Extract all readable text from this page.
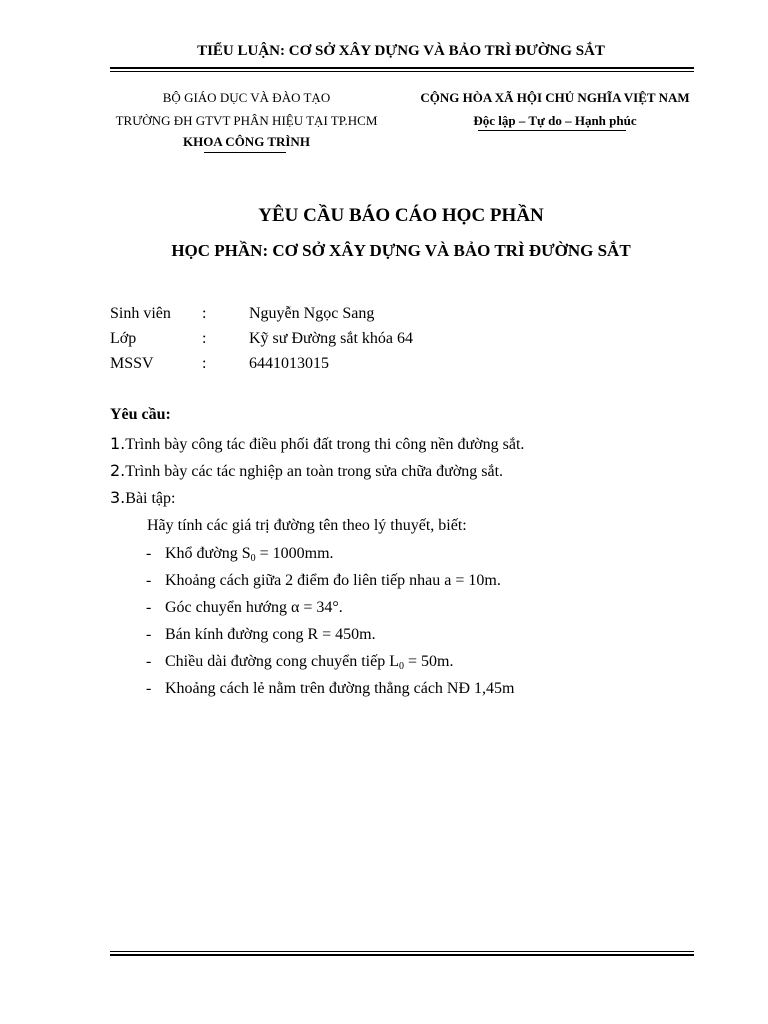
TIỂU LUẬN: CƠ SỞ XÂY DỰNG VÀ BẢO TRÌ ĐƯỜNG SẮT
BỘ GIÁO DỤC VÀ ĐÀO TẠO
TRƯỜNG ĐH GTVT PHÂN HIỆU TẠI TP.HCM
KHOA CÔNG TRÌNH
CỘNG HÒA XÃ HỘI CHỦ NGHĨA VIỆT NAM
Độc lập – Tự do – Hạnh phúc
YÊU CẦU BÁO CÁO HỌC PHẦN
HỌC PHẦN: CƠ SỞ XÂY DỰNG VÀ BẢO TRÌ ĐƯỜNG SẮT
Sinh viên :	Nguyễn Ngọc Sang
Lớp	:	Kỹ sư Đường sắt khóa 64
MSSV	:	6441013015
Yêu cầu:
1.Trình bày công tác điều phối đất trong thi công nền đường sắt.
2.Trình bày các tác nghiệp an toàn trong sửa chữa đường sắt.
3.Bài tập:
Hãy tính các giá trị đường tên theo lý thuyết, biết:
- Khổ đường $S_0 = 1000mm$.
- Khoảng cách giữa 2 điểm đo liên tiếp nhau a = 10m.
- Góc chuyển hướng α = 34°.
- Bán kính đường cong R = 450m.
- Chiều dài đường cong chuyển tiếp $L_0 = 50m$.
- Khoảng cách lẻ nằm trên đường thẳng cách NĐ 1,45m
